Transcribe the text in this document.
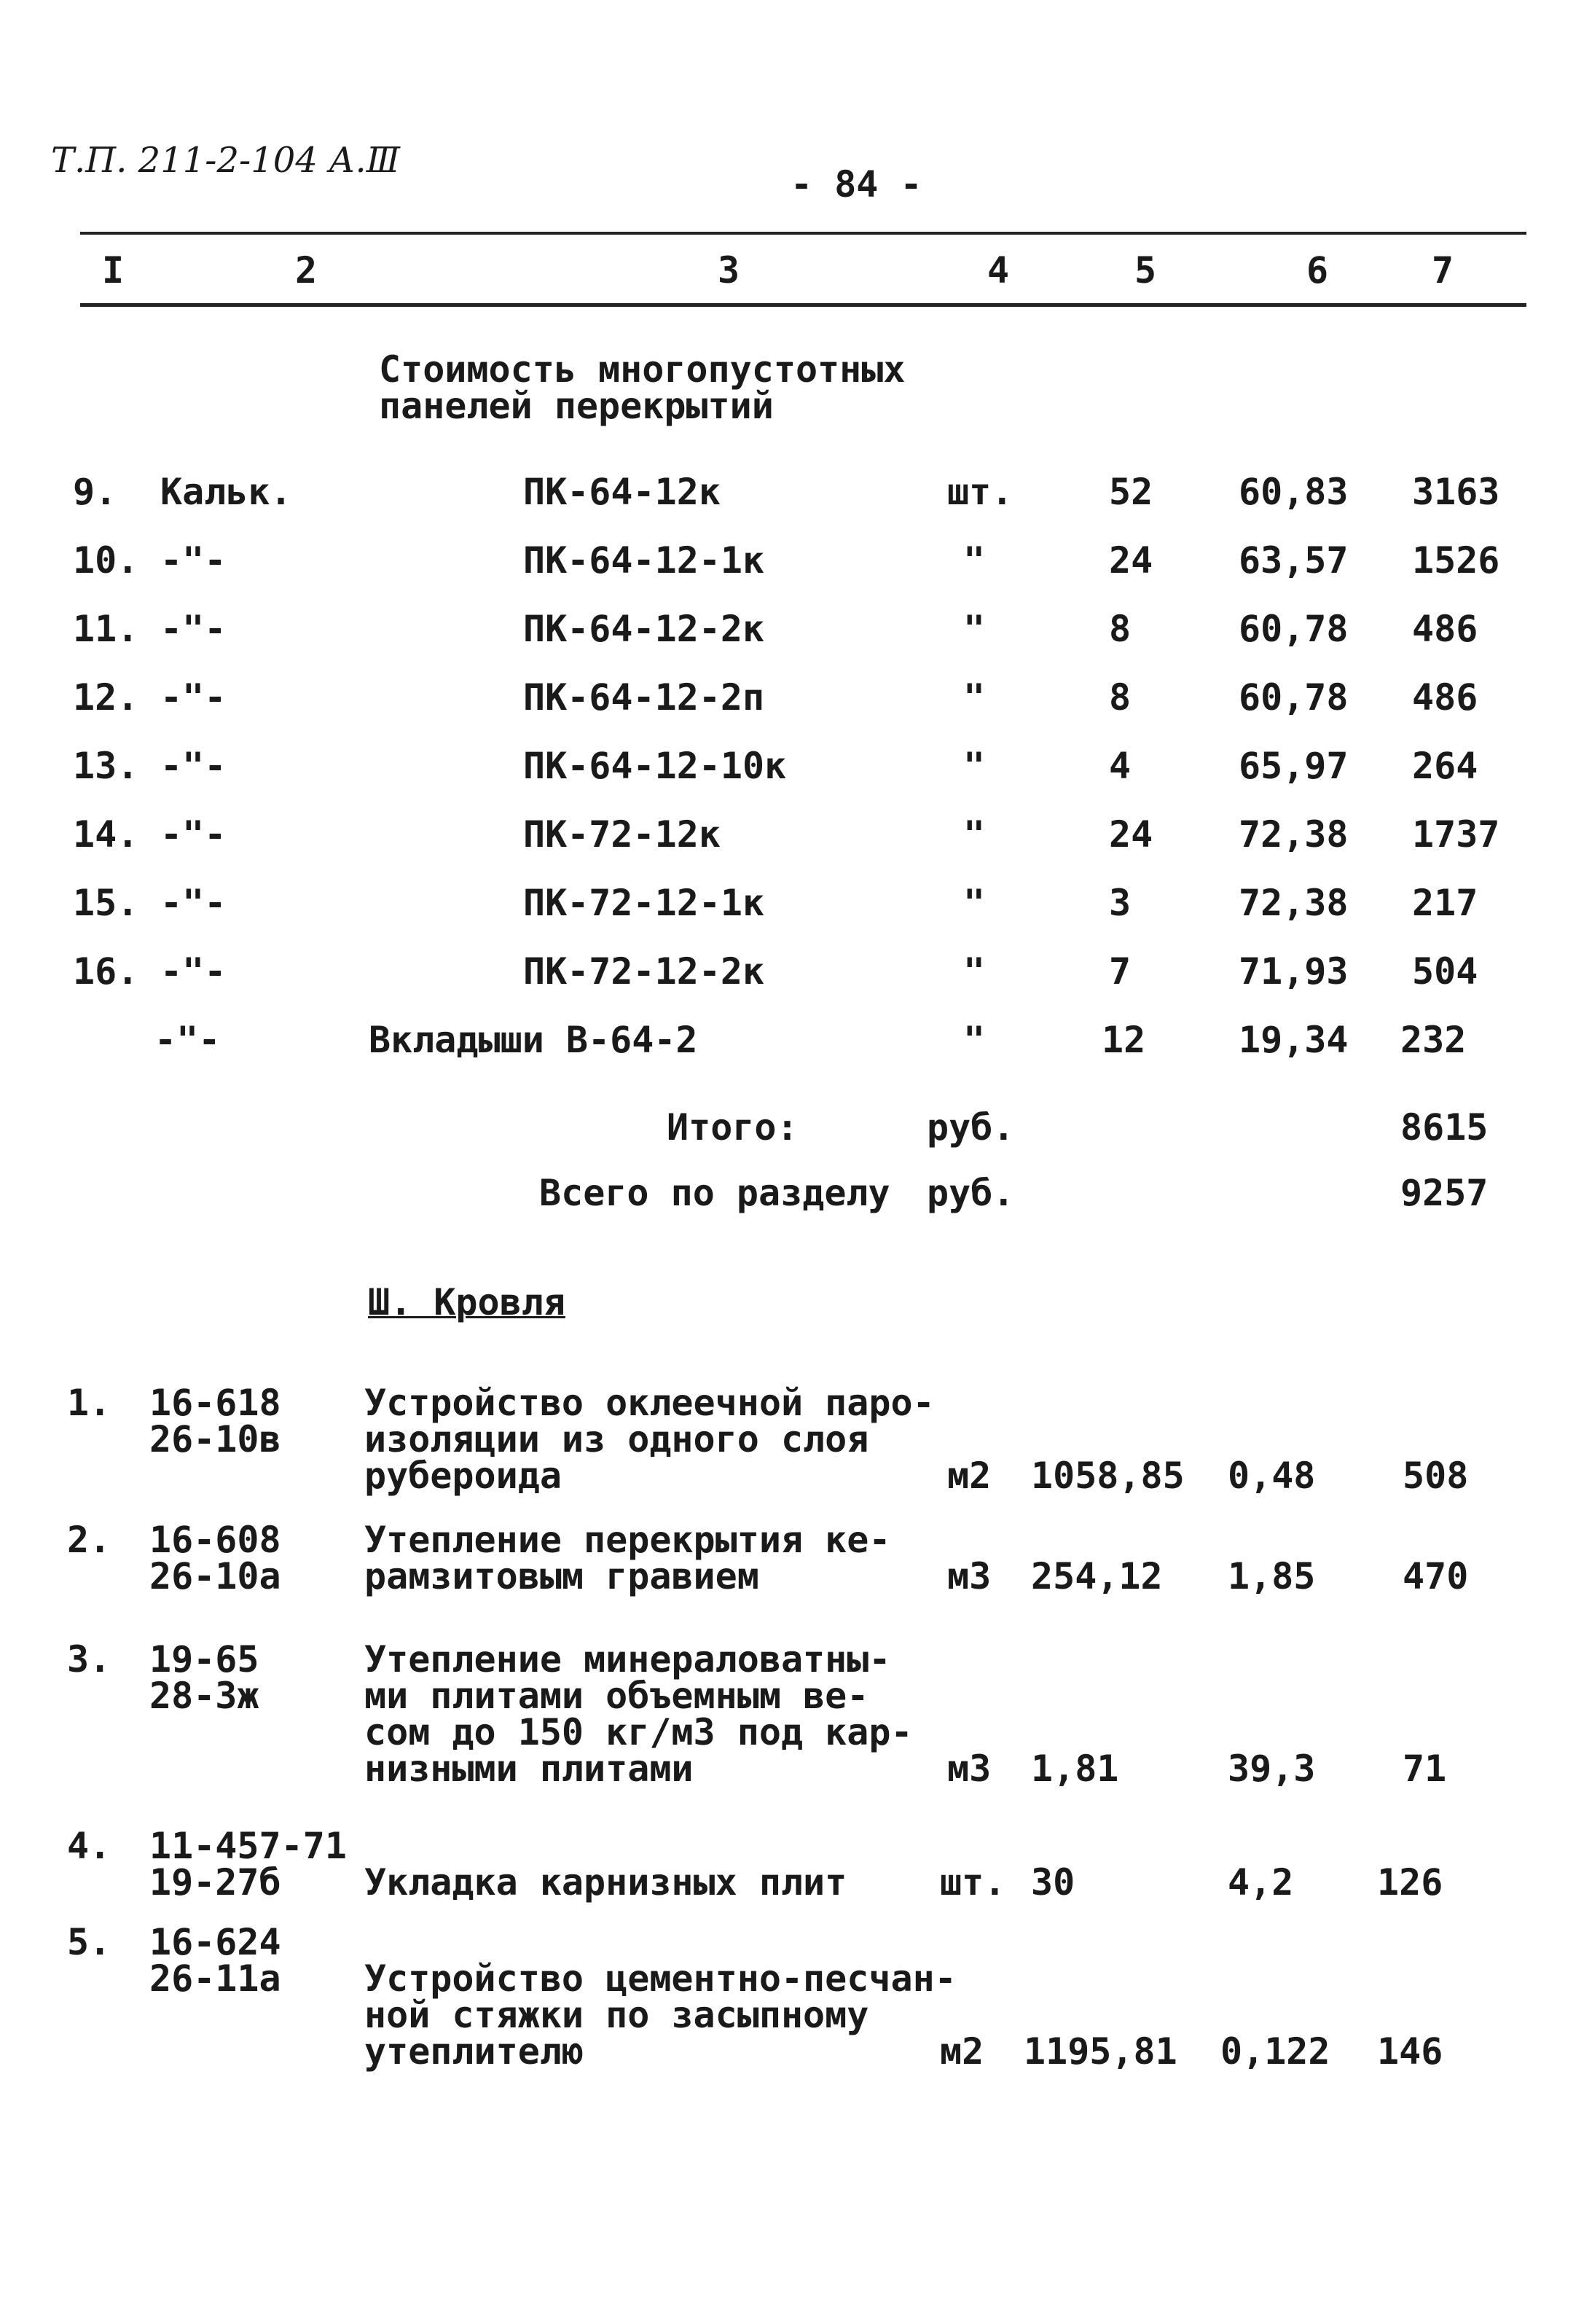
Т.П. 211-2-104 А.Ⅲ
- 84 -
I	2	3	4	5	6	7
Стоимость многопустотных
панелей перекрытий
9. Кальк.	ПК-64-12к	шт.	52 60,83 3163
10. -"-	ПК-64-12-1к	"	24 63,57 1526
11. -"-	ПК-64-12-2к	"	8	60,78 486
12. -"-	ПК-64-12-2п	"	8	60,78 486
13. -"-	ПК-64-12-10к	"	4	65,97 264
14. -"-	ПК-72-12к	"	24 72,38 1737
15. -"-	ПК-72-12-1к	"	3	72,38 217
16. -"-	ПК-72-12-2к	"	7	71,93 504
-"-	Вкладыши В-64-2	"	12	19,34 232
Итого:	руб.	8615
Всего по разделу руб.	9257
Ш. Кровля
1. 16-618
26-10в
Устройство оклеечной паро-
изоляции из одного слоя
рубероида	м2 1058,85 0,48 508
2. 16-608
26-10а
Утепление перекрытия ке-
рамзитовым гравием	м3 254,12 1,85 470
3. 19-65
28-3ж
Утепление минераловатны-
ми плитами объемным ве-
сом до 150 кг/м3 под кар-
низными плитами	м3 1,81	39,3 71
4. 11-457-71
19-27б	Укладка карнизных плит	шт. 30	4,2 126
5. 16-624
26-11а Устройство цементно-песчан-
ной стяжки по засыпному
утеплителю	м2 1195,81 0,122 146
